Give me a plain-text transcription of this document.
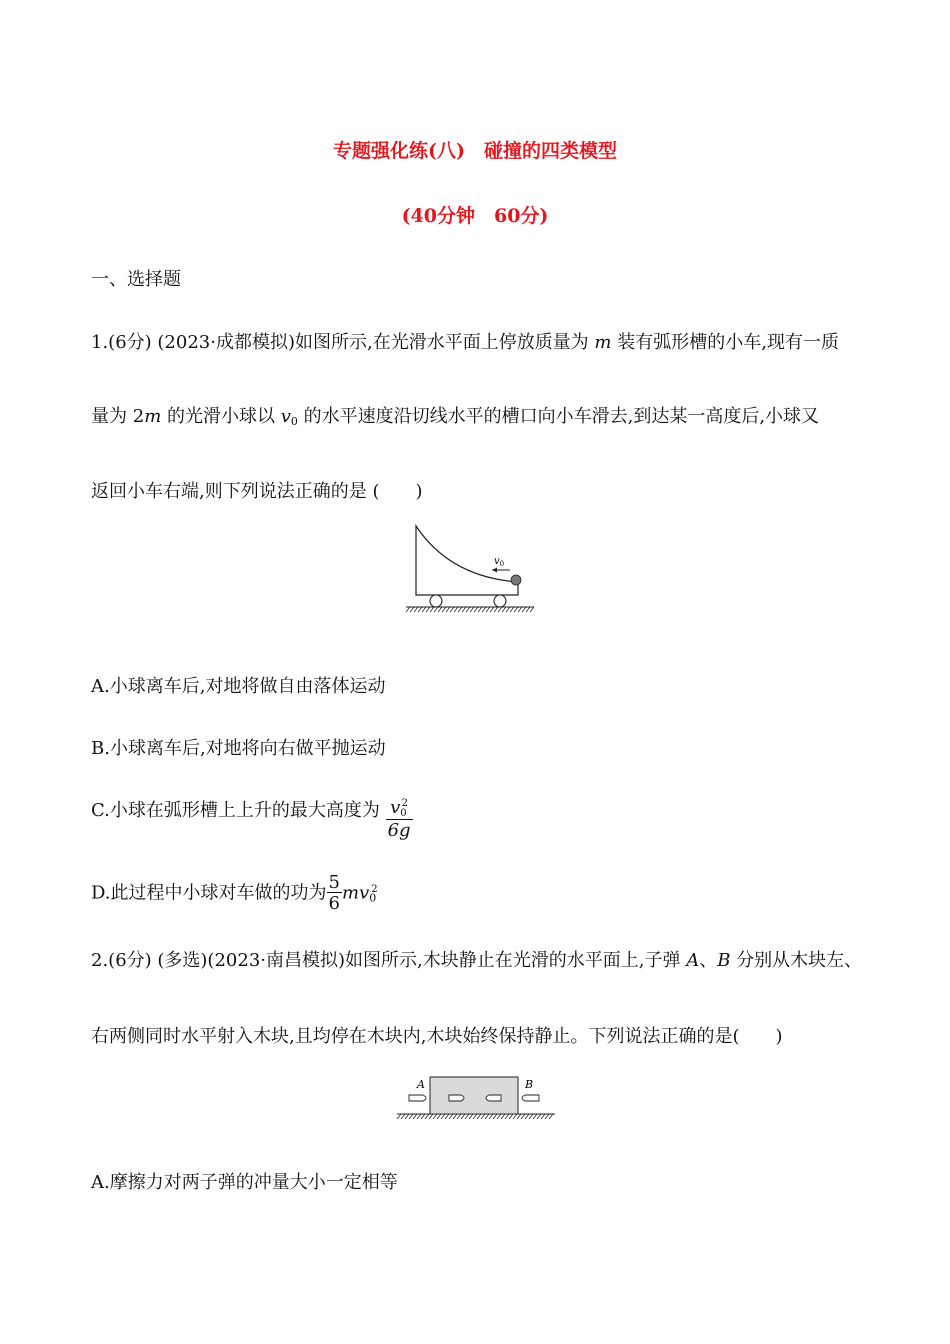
专题强化练(八)　碰撞的四类模型
(40分钟　60分)
一、选择题
1.(6分) (2023·成都模拟)如图所示,在光滑水平面上停放质量为 m 装有弧形槽的小车,现有一质
量为 2m 的光滑小球以 $v_0$ 的水平速度沿切线水平的槽口向小车滑去,到达某一高度后,小球又
返回小车右端,则下列说法正确的是 (　　)
$v_0$
A.小球离车后,对地将做自由落体运动
B.小球离车后,对地将向右做平抛运动
C.小球在弧形槽上上升的最大高度为 $\frac{v_0^2}{6g}$
D.此过程中小球对车做的功为 $\frac{5}{6} mv_0^2$
2.(6分) (多选)(2023·南昌模拟)如图所示,木块静止在光滑的水平面上,子弹 A、B 分别从木块左、
右两侧同时水平射入木块,且均停在木块内,木块始终保持静止。下列说法正确的是(　　)
A	B
A.摩擦力对两子弹的冲量大小一定相等
